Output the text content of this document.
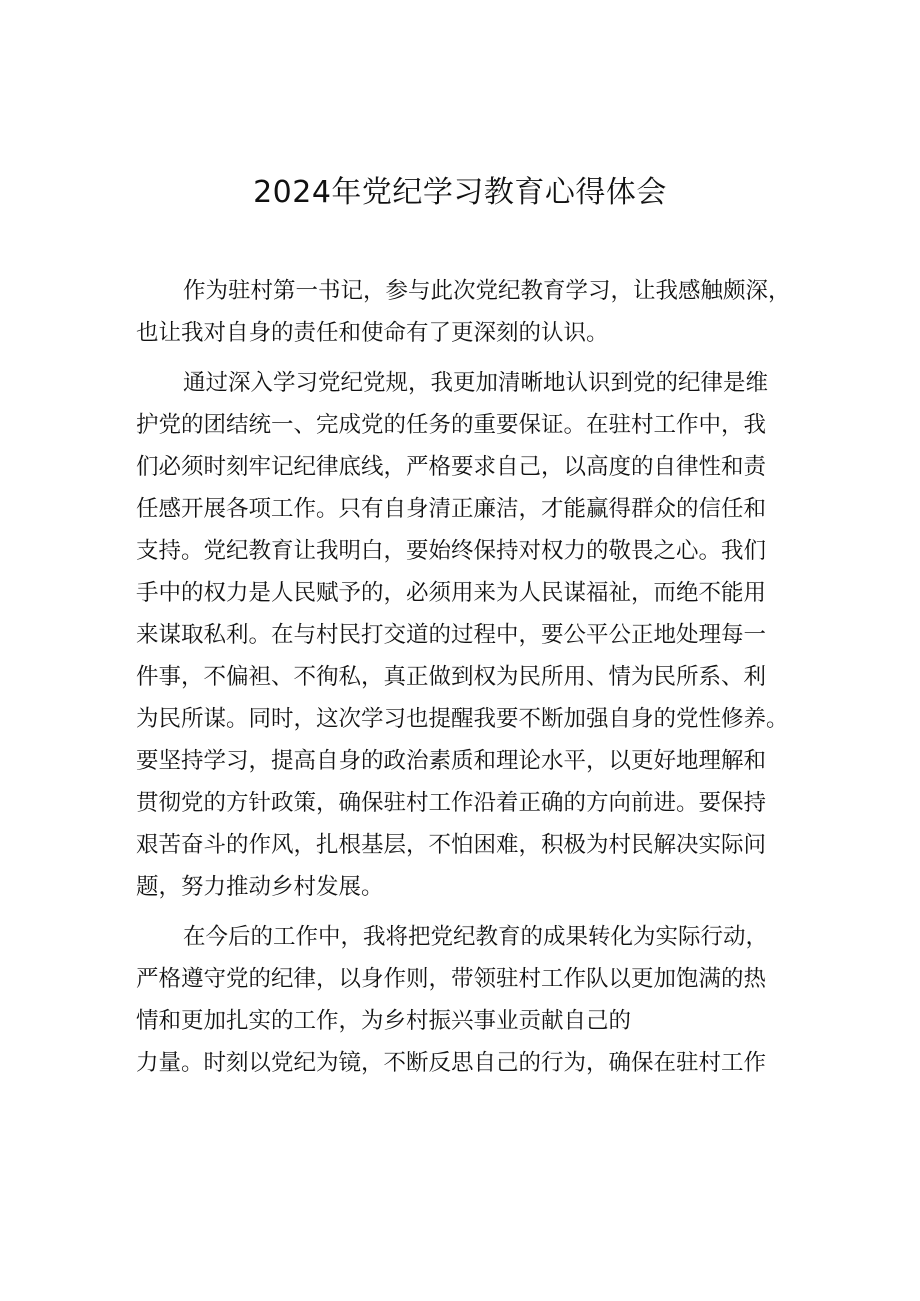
2024年党纪学习教育心得体会

作为驻村第一书记，参与此次党纪教育学习，让我感触颇深，
也让我对自身的责任和使命有了更深刻的认识。

通过深入学习党纪党规，我更加清晰地认识到党的纪律是维
护党的团结统一、完成党的任务的重要保证。在驻村工作中，我
们必须时刻牢记纪律底线，严格要求自己，以高度的自律性和责
任感开展各项工作。只有自身清正廉洁，才能赢得群众的信任和
支持。党纪教育让我明白，要始终保持对权力的敬畏之心。我们
手中的权力是人民赋予的，必须用来为人民谋福祉，而绝不能用
来谋取私利。在与村民打交道的过程中，要公平公正地处理每一
件事，不偏袒、不徇私，真正做到权为民所用、情为民所系、利
为民所谋。同时，这次学习也提醒我要不断加强自身的党性修养。
要坚持学习，提高自身的政治素质和理论水平，以更好地理解和
贯彻党的方针政策，确保驻村工作沿着正确的方向前进。要保持
艰苦奋斗的作风，扎根基层，不怕困难，积极为村民解决实际问
题，努力推动乡村发展。

在今后的工作中，我将把党纪教育的成果转化为实际行动，
严格遵守党的纪律，以身作则，带领驻村工作队以更加饱满的热
情和更加扎实的工作，为乡村振兴事业贡献自己的
力量。时刻以党纪为镜，不断反思自己的行为，确保在驻村工作
